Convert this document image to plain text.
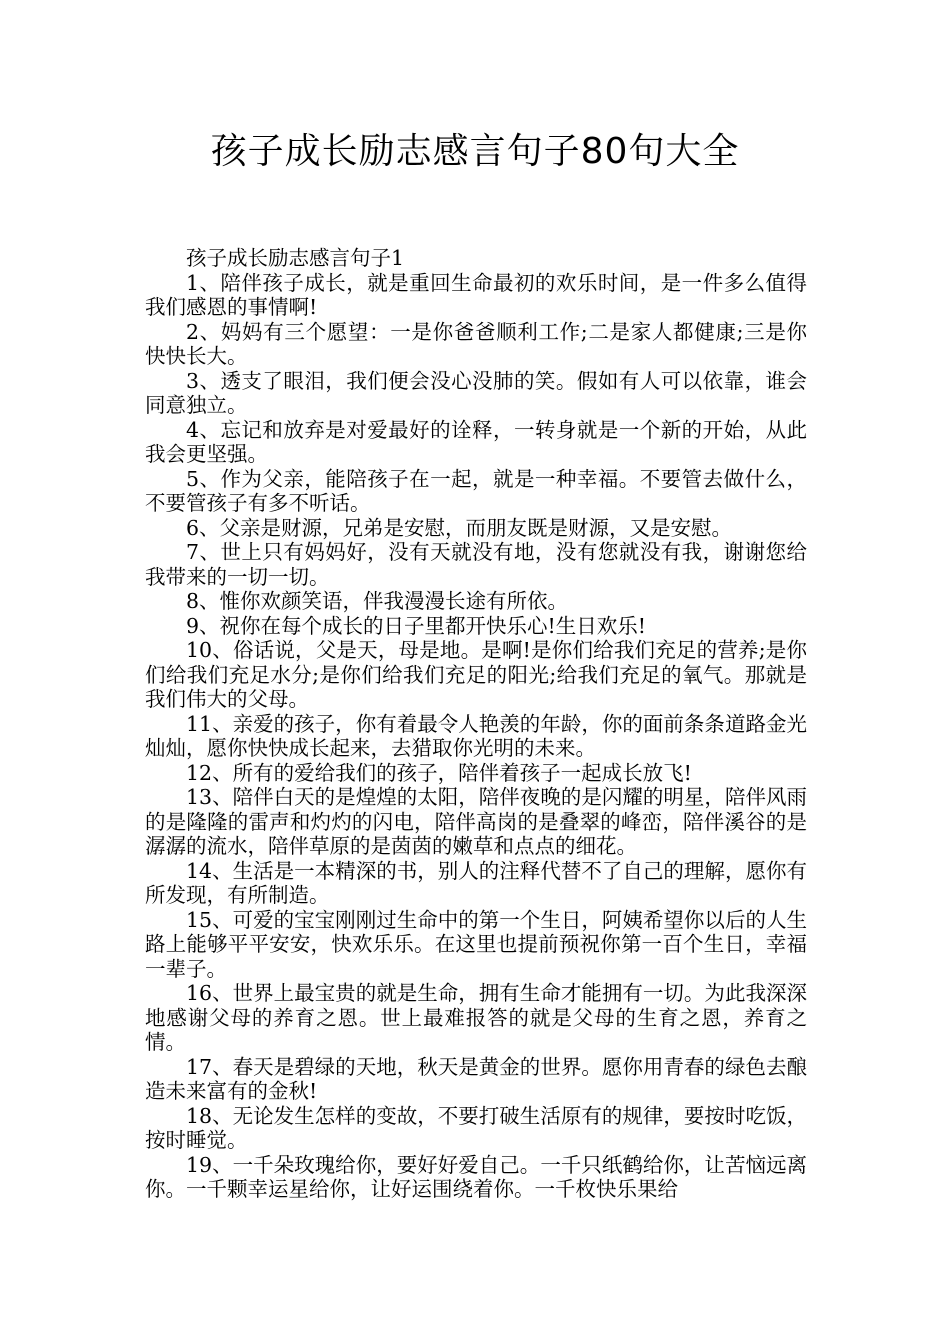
孩子成长励志感言句子80句大全

孩子成长励志感言句子1

1、陪伴孩子成长，就是重回生命最初的欢乐时间，是一件多么值得我们感恩的事情啊!

2、妈妈有三个愿望：一是你爸爸顺利工作;二是家人都健康;三是你快快长大。

3、透支了眼泪，我们便会没心没肺的笑。假如有人可以依靠，谁会同意独立。

4、忘记和放弃是对爱最好的诠释，一转身就是一个新的开始，从此我会更坚强。

5、作为父亲，能陪孩子在一起，就是一种幸福。不要管去做什么，不要管孩子有多不听话。

6、父亲是财源，兄弟是安慰，而朋友既是财源，又是安慰。

7、世上只有妈妈好，没有天就没有地，没有您就没有我，谢谢您给我带来的一切一切。

8、惟你欢颜笑语，伴我漫漫长途有所依。

9、祝你在每个成长的日子里都开快乐心!生日欢乐!

10、俗话说，父是天，母是地。是啊!是你们给我们充足的营养;是你们给我们充足水分;是你们给我们充足的阳光;给我们充足的氧气。那就是我们伟大的父母。

11、亲爱的孩子，你有着最令人艳羡的年龄，你的面前条条道路金光灿灿，愿你快快成长起来，去猎取你光明的未来。

12、所有的爱给我们的孩子，陪伴着孩子一起成长放飞!

13、陪伴白天的是煌煌的太阳，陪伴夜晚的是闪耀的明星，陪伴风雨的是隆隆的雷声和灼灼的闪电，陪伴高岗的是叠翠的峰峦，陪伴溪谷的是潺潺的流水，陪伴草原的是茵茵的嫩草和点点的细花。

14、生活是一本精深的书，别人的注释代替不了自己的理解，愿你有所发现，有所制造。

15、可爱的宝宝刚刚过生命中的第一个生日，阿姨希望你以后的人生路上能够平平安安，快欢乐乐。在这里也提前预祝你第一百个生日，幸福一辈子。

16、世界上最宝贵的就是生命，拥有生命才能拥有一切。为此我深深地感谢父母的养育之恩。世上最难报答的就是父母的生育之恩，养育之情。

17、春天是碧绿的天地，秋天是黄金的世界。愿你用青春的绿色去酿造未来富有的金秋!

18、无论发生怎样的变故，不要打破生活原有的规律，要按时吃饭，按时睡觉。

19、一千朵玫瑰给你，要好好爱自己。一千只纸鹤给你，让苦恼远离你。一千颗幸运星给你，让好运围绕着你。一千枚快乐果给
